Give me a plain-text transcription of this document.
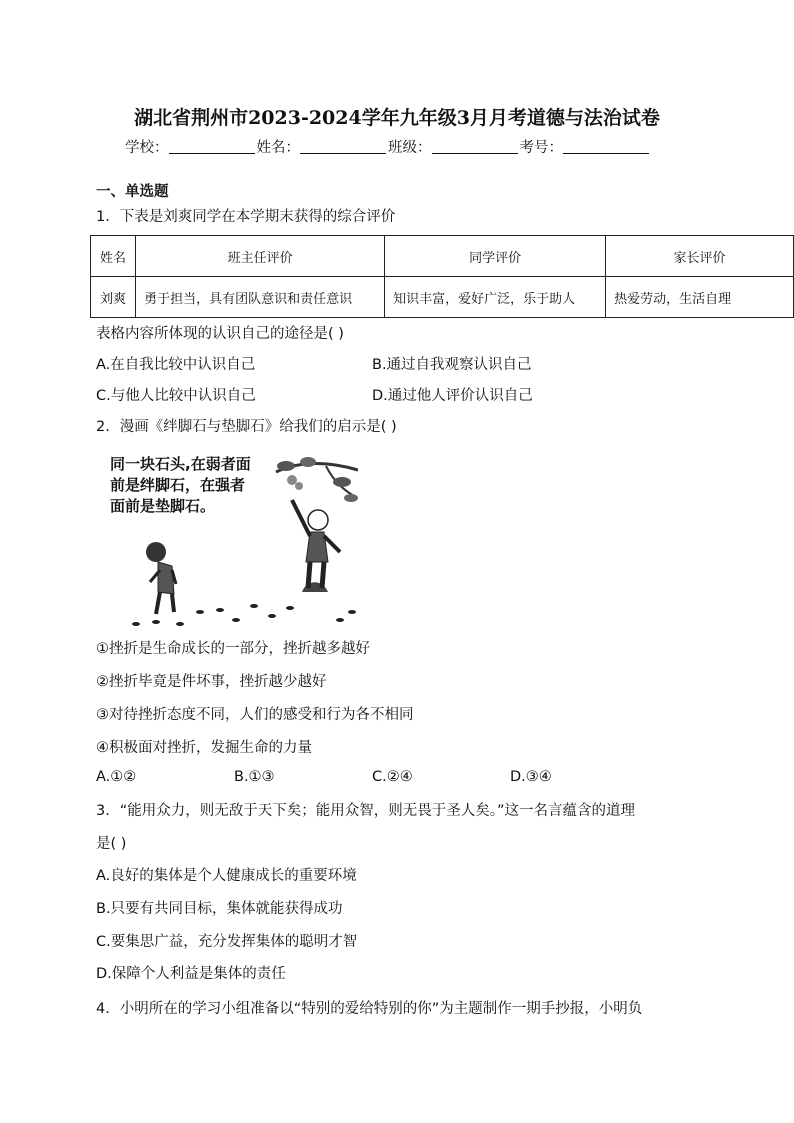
湖北省荆州市2023-2024学年九年级3月月考道德与法治试卷
学校：	姓名：	班级：	考号：
一、单选题
1．下表是刘爽同学在本学期末获得的综合评价
姓名	班主任评价	同学评价	家长评价
刘爽	勇于担当，具有团队意识和责任意识	知识丰富，爱好广泛，乐于助人	热爱劳动，生活自理
表格内容所体现的认识自己的途径是( )
A.在自我比较中认识自己	B.通过自我观察认识自己
C.与他人比较中认识自己	D.通过他人评价认识自己
2．漫画《绊脚石与垫脚石》给我们的启示是( )
同一块石头,在弱者面
前是绊脚石，在强者
面前是垫脚石。
①挫折是生命成长的一部分，挫折越多越好
②挫折毕竟是件坏事，挫折越少越好
③对待挫折态度不同，人们的感受和行为各不相同
④积极面对挫折，发掘生命的力量
A.①②	B.①③	C.②④	D.③④
3．“能用众力，则无敌于天下矣；能用众智，则无畏于圣人矣。”这一名言蕴含的道理
是( )
A.良好的集体是个人健康成长的重要环境
B.只要有共同目标，集体就能获得成功
C.要集思广益，充分发挥集体的聪明才智
D.保障个人利益是集体的责任
4．小明所在的学习小组准备以“特别的爱给特别的你”为主题制作一期手抄报，小明负
